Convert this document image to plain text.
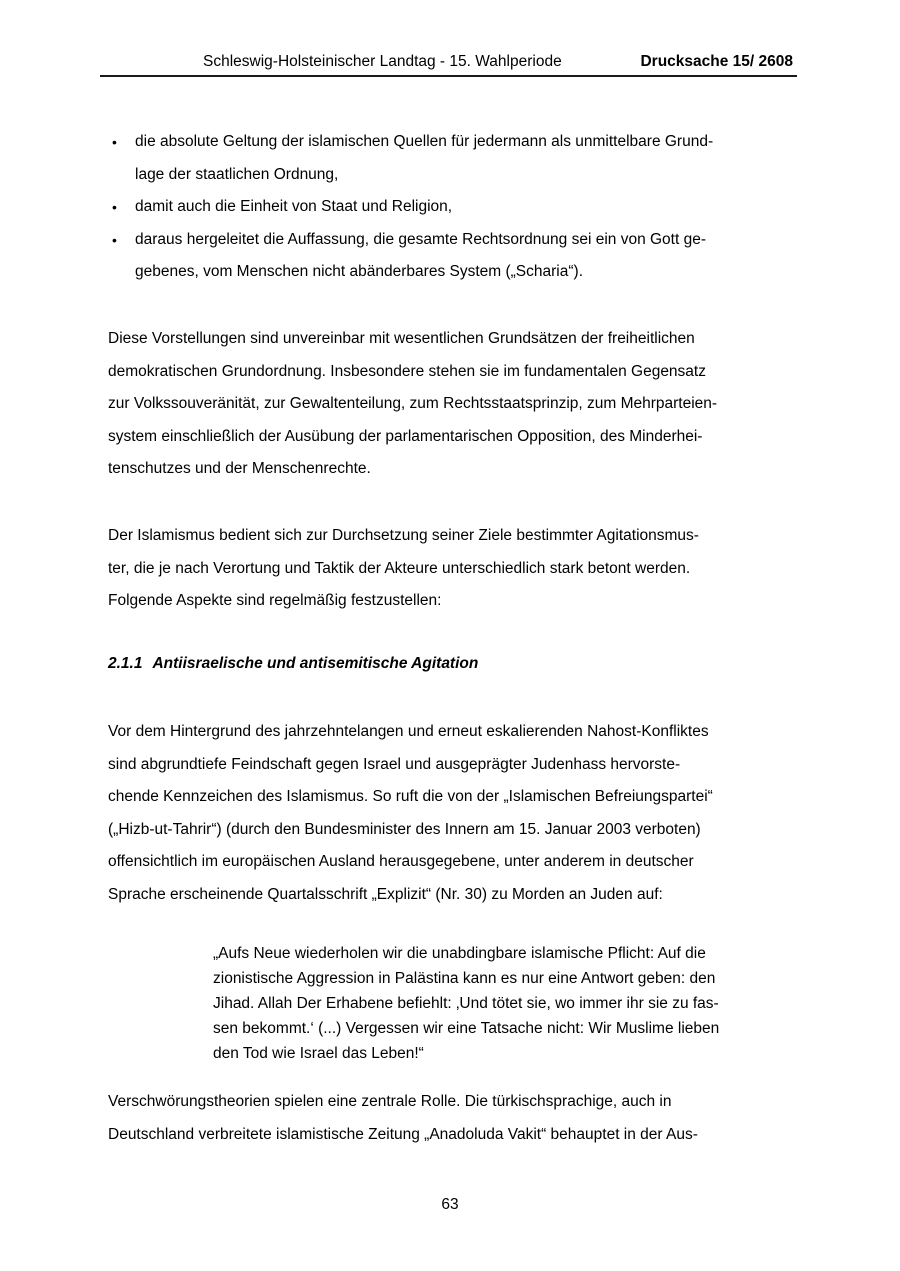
Schleswig-Holsteinischer Landtag - 15. Wahlperiode	Drucksache 15/ 2608
•	die absolute Geltung der islamischen Quellen für jedermann als unmittelbare Grund-
lage der staatlichen Ordnung,
•	damit auch die Einheit von Staat und Religion,
•	daraus hergeleitet die Auffassung, die gesamte Rechtsordnung sei ein von Gott ge-
gebenes, vom Menschen nicht abänderbares System („Scharia“).
Diese Vorstellungen sind unvereinbar mit wesentlichen Grundsätzen der freiheitlichen
demokratischen Grundordnung. Insbesondere stehen sie im fundamentalen Gegensatz
zur Volkssouveränität, zur Gewaltenteilung, zum Rechtsstaatsprinzip, zum Mehrparteien-
system einschließlich der Ausübung der parlamentarischen Opposition, des Minderhei-
tenschutzes und der Menschenrechte.
Der Islamismus bedient sich zur Durchsetzung seiner Ziele bestimmter Agitationsmus-
ter, die je nach Verortung und Taktik der Akteure unterschiedlich stark betont werden.
Folgende Aspekte sind regelmäßig festzustellen:
2.1.1 Antiisraelische und antisemitische Agitation
Vor dem Hintergrund des jahrzehntelangen und erneut eskalierenden Nahost-Konfliktes
sind abgrundtiefe Feindschaft gegen Israel und ausgeprägter Judenhass hervorste-
chende Kennzeichen des Islamismus. So ruft die von der „Islamischen Befreiungspartei“
(„Hizb-ut-Tahrir“) (durch den Bundesminister des Innern am 15. Januar 2003 verboten)
offensichtlich im europäischen Ausland herausgegebene, unter anderem in deutscher
Sprache erscheinende Quartalsschrift „Explizit“ (Nr. 30) zu Morden an Juden auf:
„Aufs Neue wiederholen wir die unabdingbare islamische Pflicht: Auf die
zionistische Aggression in Palästina kann es nur eine Antwort geben: den
Jihad. Allah Der Erhabene befiehlt: ‚Und tötet sie, wo immer ihr sie zu fas-
sen bekommt.‘ (...) Vergessen wir eine Tatsache nicht: Wir Muslime lieben
den Tod wie Israel das Leben!“
Verschwörungstheorien spielen eine zentrale Rolle. Die türkischsprachige, auch in
Deutschland verbreitete islamistische Zeitung „Anadoluda Vakit“ behauptet in der Aus-
63
